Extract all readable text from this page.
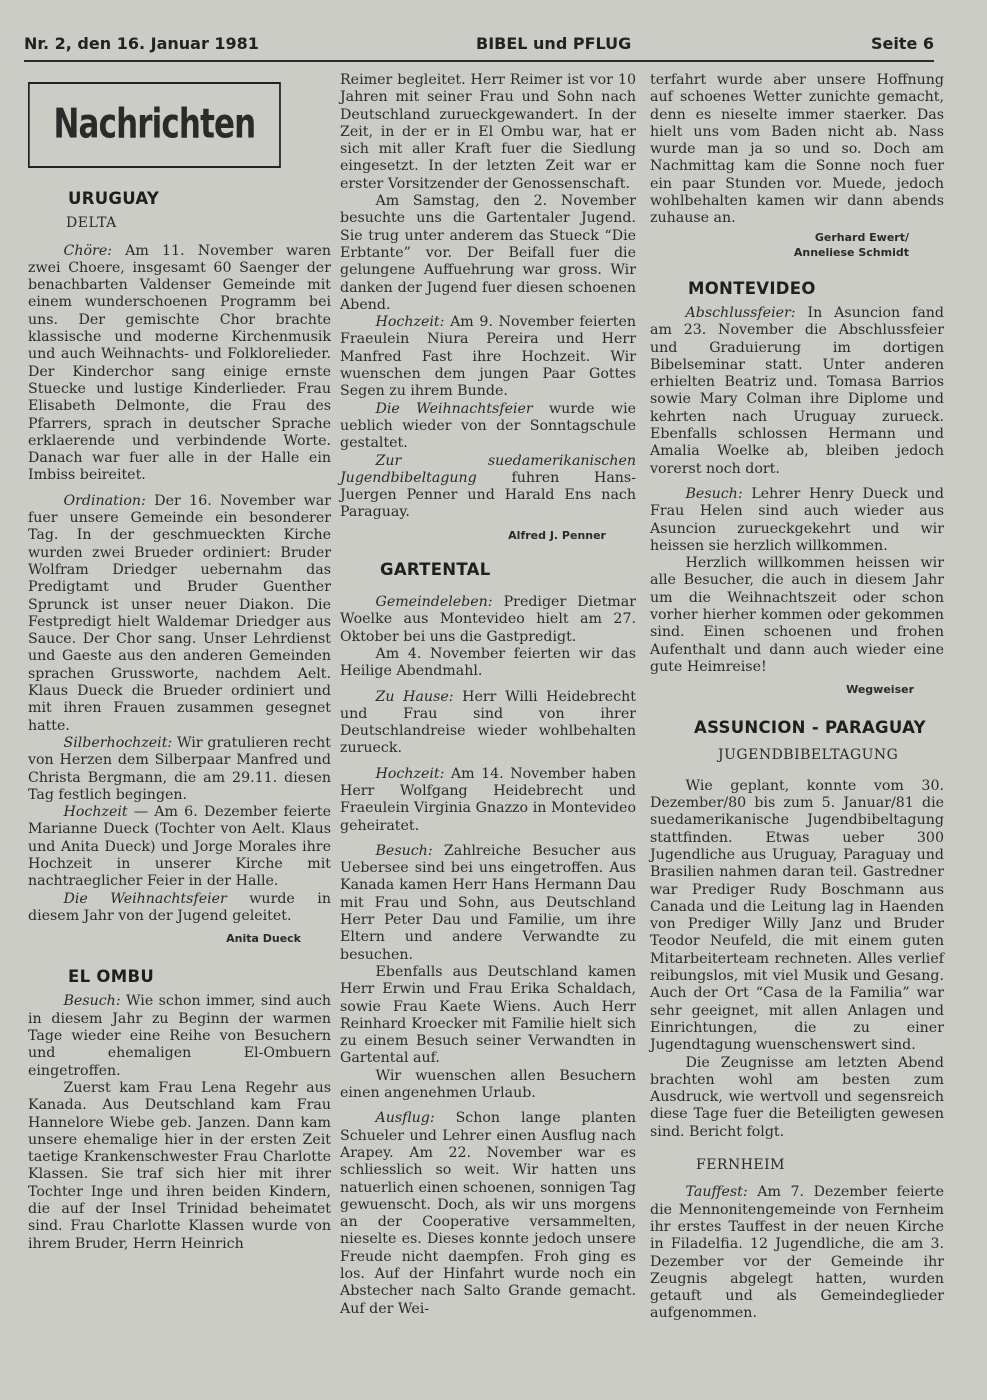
Nr. 2, den 16. Januar 1981	BIBEL und PFLUG	Seite 6
Nachrichten
URUGUAY
DELTA

Chöre: Am 11. November waren zwei Choere, insgesamt 60 Saenger der benachbarten Valdenser Gemeinde mit einem wunderschoenen Programm bei uns. Der gemischte Chor brachte klassische und moderne Kirchenmusik und auch Weihnachts- und Folklorelieder. Der Kinderchor sang einige ernste Stuecke und lustige Kinderlieder. Frau Elisabeth Delmonte, die Frau des Pfarrers, sprach in deutscher Sprache erklaerende und verbindende Worte. Danach war fuer alle in der Halle ein Imbiss beireitet.

Ordination: Der 16. November war fuer unsere Gemeinde ein besonderer Tag. In der geschmueckten Kirche wurden zwei Brueder ordiniert: Bruder Wolfram Driedger uebernahm das Predigtamt und Bruder Guenther Sprunck ist unser neuer Diakon. Die Festpredigt hielt Waldemar Driedger aus Sauce. Der Chor sang. Unser Lehrdienst und Gaeste aus den anderen Gemeinden sprachen Grussworte, nachdem Aelt. Klaus Dueck die Brueder ordiniert und mit ihren Frauen zusammen gesegnet hatte.

Silberhochzeit: Wir gratulieren recht von Herzen dem Silberpaar Manfred und Christa Bergmann, die am 29.11. diesen Tag festlich begingen.

Hochzeit — Am 6. Dezember feierte Marianne Dueck (Tochter von Aelt. Klaus und Anita Dueck) und Jorge Morales ihre Hochzeit in unserer Kirche mit nachtraeglicher Feier in der Halle.

Die Weihnachtsfeier wurde in diesem Jahr von der Jugend geleitet.

Anita Dueck
EL OMBU

Besuch: Wie schon immer, sind auch in diesem Jahr zu Beginn der warmen Tage wieder eine Reihe von Besuchern und ehemaligen El-Ombuern eingetroffen.

Zuerst kam Frau Lena Regehr aus Kanada. Aus Deutschland kam Frau Hannelore Wiebe geb. Janzen. Dann kam unsere ehemalige hier in der ersten Zeit taetige Krankenschwester Frau Charlotte Klassen. Sie traf sich hier mit ihrer Tochter Inge und ihren beiden Kindern, die auf der Insel Trinidad beheimatet sind. Frau Charlotte Klassen wurde von ihrem Bruder, Herrn Heinrich

Reimer begleitet. Herr Reimer ist vor 10 Jahren mit seiner Frau und Sohn nach Deutschland zurueckgewandert. In der Zeit, in der er in El Ombu war, hat er sich mit aller Kraft fuer die Siedlung eingesetzt. In der letzten Zeit war er erster Vorsitzender der Genossenschaft.

Am Samstag, den 2. November besuchte uns die Gartentaler Jugend. Sie trug unter anderem das Stueck “Die Erbtante” vor. Der Beifall fuer die gelungene Auffuehrung war gross. Wir danken der Jugend fuer diesen schoenen Abend.

Hochzeit: Am 9. November feierten Fraeulein Niura Pereira und Herr Manfred Fast ihre Hochzeit. Wir wuenschen dem jungen Paar Gottes Segen zu ihrem Bunde.

Die Weihnachtsfeier wurde wie ueblich wieder von der Sonntagschule gestaltet.

Zur suedamerikanischen Jugendbibeltagung fuhren Hans- Juergen Penner und Harald Ens nach Paraguay.

Alfred J. Penner
GARTENTAL

Gemeindeleben: Prediger Dietmar Woelke aus Montevideo hielt am 27. Oktober bei uns die Gastpredigt.

Am 4. November feierten wir das Heilige Abendmahl.

Zu Hause: Herr Willi Heidebrecht und Frau sind von ihrer Deutschlandreise wieder wohlbehalten zurueck.

Hochzeit: Am 14. November haben Herr Wolfgang Heidebrecht und Fraeulein Virginia Gnazzo in Montevideo geheiratet.

Besuch: Zahlreiche Besucher aus Uebersee sind bei uns eingetroffen. Aus Kanada kamen Herr Hans Hermann Dau mit Frau und Sohn, aus Deutschland Herr Peter Dau und Familie, um ihre Eltern und andere Verwandte zu besuchen.

Ebenfalls aus Deutschland kamen Herr Erwin und Frau Erika Schaldach, sowie Frau Kaete Wiens. Auch Herr Reinhard Kroecker mit Familie hielt sich zu einem Besuch seiner Verwandten in Gartental auf.

Wir wuenschen allen Besuchern einen angenehmen Urlaub.

Ausflug: Schon lange planten Schueler und Lehrer einen Ausflug nach Arapey. Am 22. November war es schliesslich so weit. Wir hatten uns natuerlich einen schoenen, sonnigen Tag gewuenscht. Doch, als wir uns morgens an der Cooperative versammelten, nieselte es. Dieses konnte jedoch unsere Freude nicht daempfen. Froh ging es los. Auf der Hinfahrt wurde noch ein Abstecher nach Salto Grande gemacht. Auf der Wei-

terfahrt wurde aber unsere Hoffnung auf schoenes Wetter zunichte gemacht, denn es nieselte immer staerker. Das hielt uns vom Baden nicht ab. Nass wurde man ja so und so. Doch am Nachmittag kam die Sonne noch fuer ein paar Stunden vor. Muede, jedoch wohlbehalten kamen wir dann abends zuhause an.

Gerhard Ewert/
Anneliese Schmidt
MONTEVIDEO

Abschlussfeier: In Asuncion fand am 23. November die Abschlussfeier und Graduierung im dortigen Bibelseminar statt. Unter anderen erhielten Beatriz und. Tomasa Barrios sowie Mary Colman ihre Diplome und kehrten nach Uruguay zurueck. Ebenfalls schlossen Hermann und Amalia Woelke ab, bleiben jedoch vorerst noch dort.

Besuch: Lehrer Henry Dueck und Frau Helen sind auch wieder aus Asuncion zurueckgekehrt und wir heissen sie herzlich willkommen.

Herzlich willkommen heissen wir alle Besucher, die auch in diesem Jahr um die Weihnachtszeit oder schon vorher hierher kommen oder gekommen sind. Einen schoenen und frohen Aufenthalt und dann auch wieder eine gute Heimreise!

Wegweiser
ASSUNCION - PARAGUAY
JUGENDBIBELTAGUNG

Wie geplant, konnte vom 30. Dezember/80 bis zum 5. Januar/81 die suedamerikanische Jugendbibeltagung stattfinden. Etwas ueber 300 Jugendliche aus Uruguay, Paraguay und Brasilien nahmen daran teil. Gastredner war Prediger Rudy Boschmann aus Canada und die Leitung lag in Haenden von Prediger Willy Janz und Bruder Teodor Neufeld, die mit einem guten Mitarbeiterteam rechneten. Alles verlief reibungslos, mit viel Musik und Gesang. Auch der Ort “Casa de la Familia” war sehr geeignet, mit allen Anlagen und Einrichtungen, die zu einer Jugendtagung wuenschenswert sind.

Die Zeugnisse am letzten Abend brachten wohl am besten zum Ausdruck, wie wertvoll und segensreich diese Tage fuer die Beteiligten gewesen sind. Bericht folgt.

FERNHEIM

Tauffest: Am 7. Dezember feierte die Mennonitengemeinde von Fernheim ihr erstes Tauffest in der neuen Kirche in Filadelfia. 12 Jugendliche, die am 3. Dezember vor der Gemeinde ihr Zeugnis abgelegt hatten, wurden getauft und als Gemeindeglieder aufgenommen.
